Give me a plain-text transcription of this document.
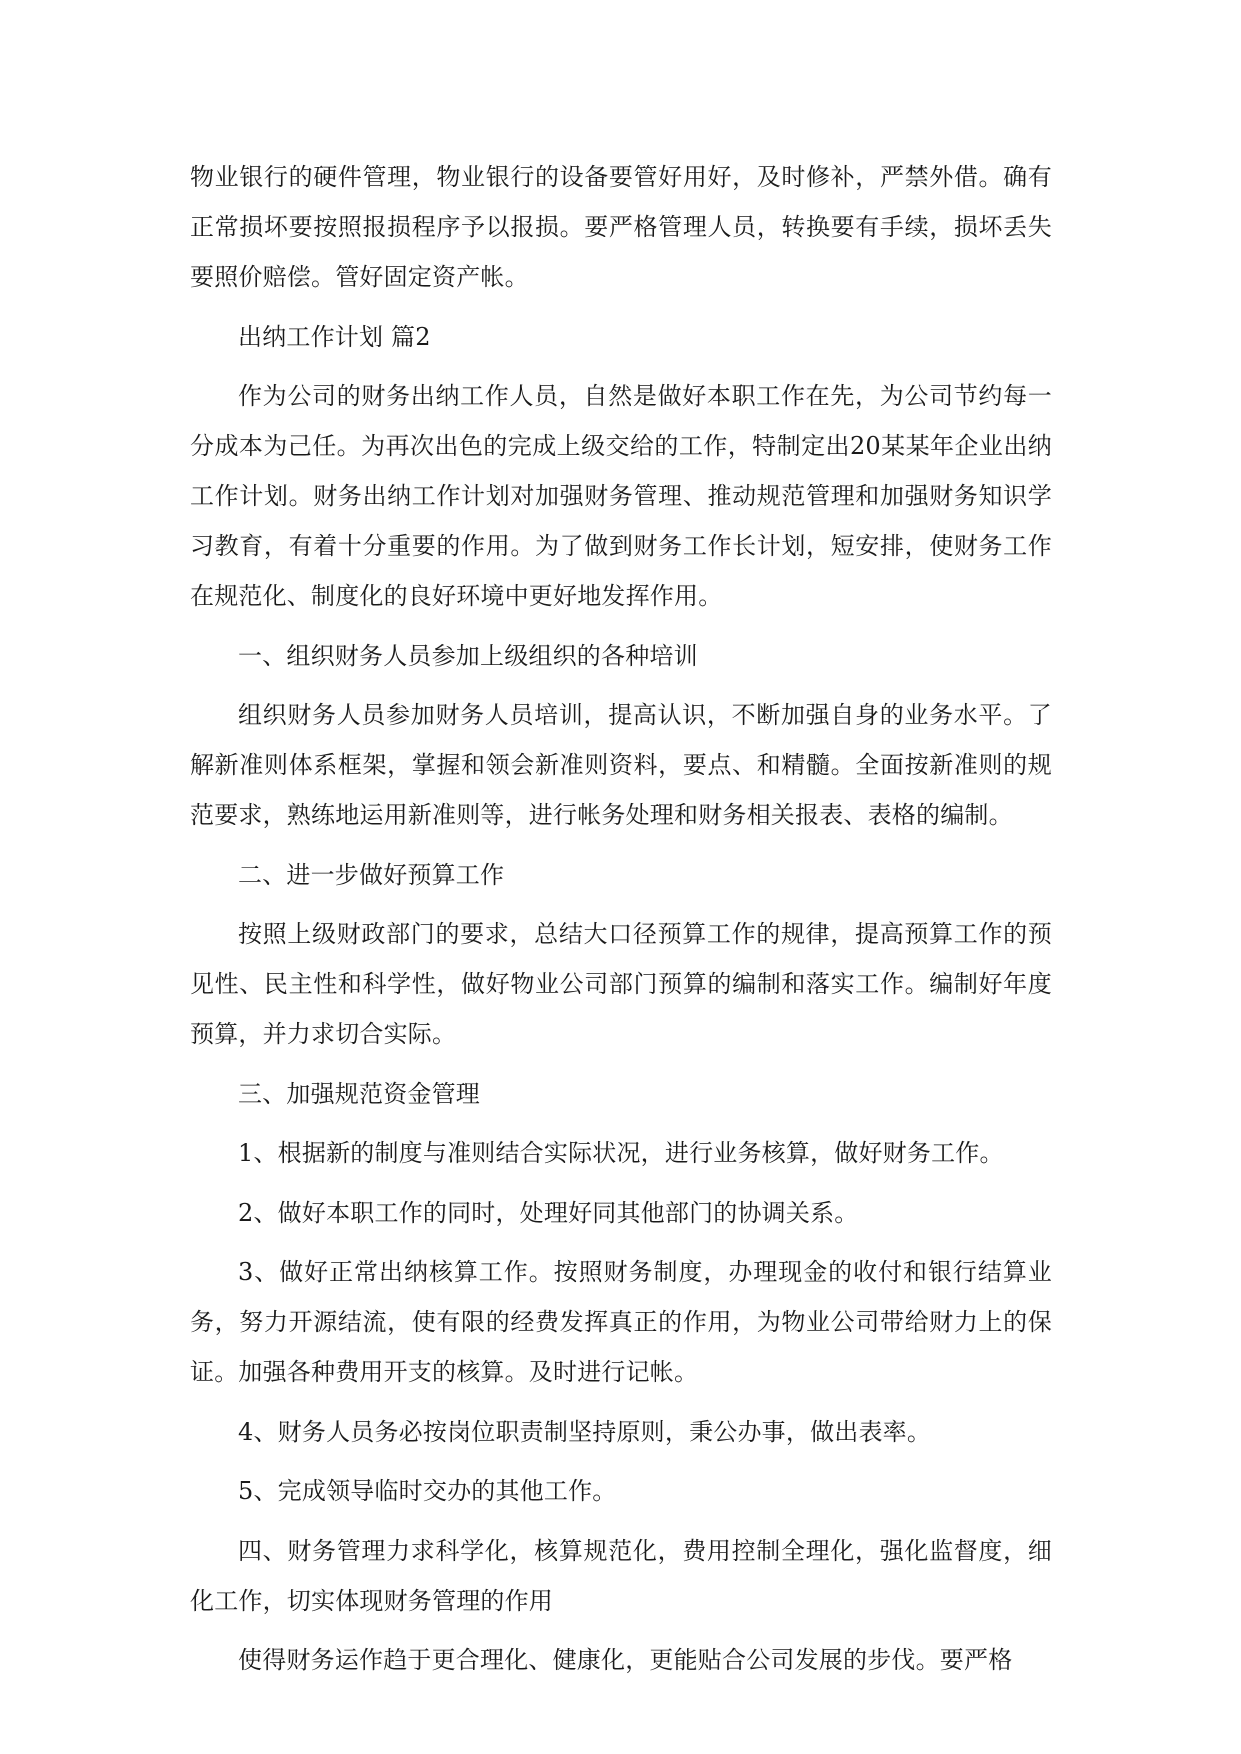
物业银行的硬件管理，物业银行的设备要管好用好，及时修补，严禁外借。确有正常损坏要按照报损程序予以报损。要严格管理人员，转换要有手续，损坏丢失要照价赔偿。管好固定资产帐。

出纳工作计划 篇2

作为公司的财务出纳工作人员，自然是做好本职工作在先，为公司节约每一分成本为己任。为再次出色的完成上级交给的工作，特制定出20某某年企业出纳工作计划。财务出纳工作计划对加强财务管理、推动规范管理和加强财务知识学习教育，有着十分重要的作用。为了做到财务工作长计划，短安排，使财务工作在规范化、制度化的良好环境中更好地发挥作用。

一、组织财务人员参加上级组织的各种培训

组织财务人员参加财务人员培训，提高认识，不断加强自身的业务水平。了解新准则体系框架，掌握和领会新准则资料，要点、和精髓。全面按新准则的规范要求，熟练地运用新准则等，进行帐务处理和财务相关报表、表格的编制。

二、进一步做好预算工作

按照上级财政部门的要求，总结大口径预算工作的规律，提高预算工作的预见性、民主性和科学性，做好物业公司部门预算的编制和落实工作。编制好年度预算，并力求切合实际。

三、加强规范资金管理

1、根据新的制度与准则结合实际状况，进行业务核算，做好财务工作。

2、做好本职工作的同时，处理好同其他部门的协调关系。

3、做好正常出纳核算工作。按照财务制度，办理现金的收付和银行结算业务，努力开源结流，使有限的经费发挥真正的作用，为物业公司带给财力上的保证。加强各种费用开支的核算。及时进行记帐。

4、财务人员务必按岗位职责制坚持原则，秉公办事，做出表率。

5、完成领导临时交办的其他工作。

四、财务管理力求科学化，核算规范化，费用控制全理化，强化监督度，细化工作，切实体现财务管理的作用

使得财务运作趋于更合理化、健康化，更能贴合公司发展的步伐。要严格
